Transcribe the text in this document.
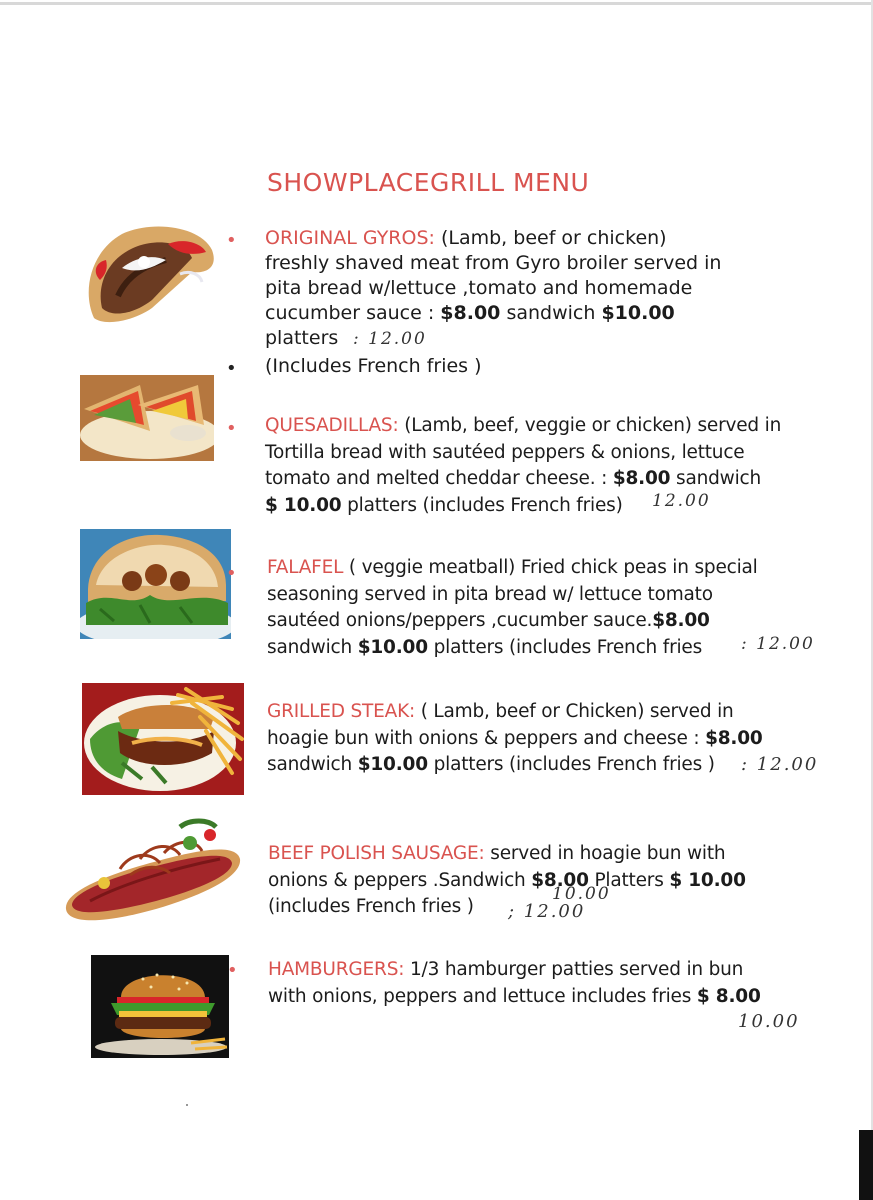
SHOWPLACEGRILL MENU
• ORIGINAL GYROS: (Lamb, beef or chicken)
freshly shaved meat from Gyro broiler served in
pita bread w/lettuce ,tomato and homemade
cucumber sauce : $8.00 sandwich $10.00
platters : 12.00
• (Includes French fries )
• QUESADILLAS: (Lamb, beef, veggie or chicken) served in
Tortilla bread with sautéed peppers & onions, lettuce
tomato and melted cheddar cheese. : $8.00 sandwich
$ 10.00 platters (includes French fries)	12.00
• FALAFEL ( veggie meatball) Fried chick peas in special
seasoning served in pita bread w/ lettuce tomato
sautéed onions/peppers ,cucumber sauce.$8.00
sandwich $10.00 platters (includes French fries	: 12.00

GRILLED STEAK: ( Lamb, beef or Chicken) served in
hoagie bun with onions & peppers and cheese : $8.00
sandwich $10.00 platters (includes French fries )	: 12.00

BEEF POLISH SAUSAGE: served in hoagie bun with
onions & peppers .Sandwich $8.00 Platters $ 10.00
(includes French fries )

10.00
; 12.00
• HAMBURGERS: 1/3 hamburger patties served in bun
with onions, peppers and lettuce includes fries $ 8.00

10.00
